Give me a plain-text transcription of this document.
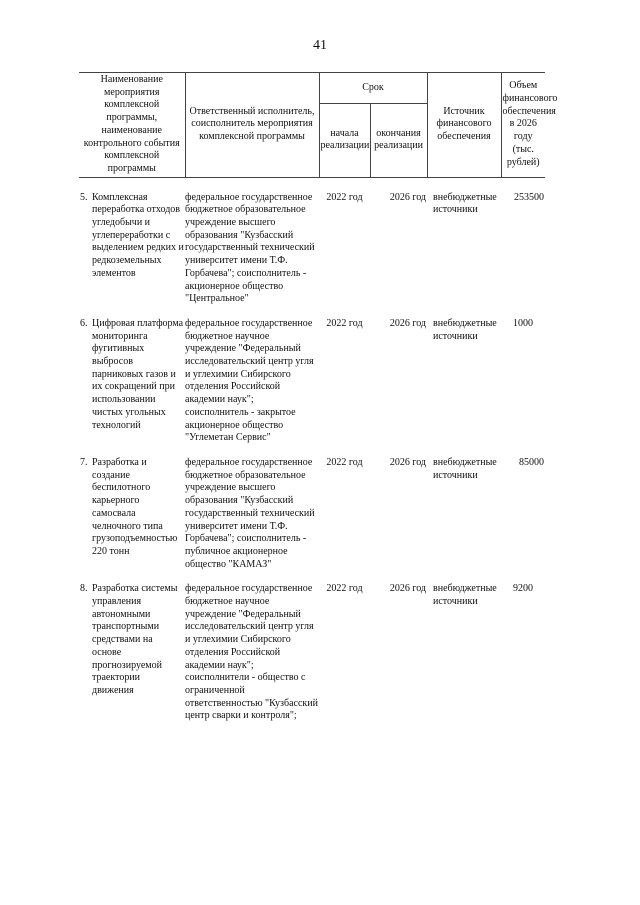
41
Наименование мероприятия комплексной программы, наименование контрольного события комплексной программы	Ответственный исполнитель, соисполнитель мероприятия комплексной программы	Срок		Источник финансового обеспечения	Объем финансового обеспечения в 2026 году (тыс. рублей)
		начала реализации	окончания реализации		

5. Комплексная переработка отходов угледобычи и углепереработки с выделением редких и редкоземельных элементов	федеральное государственное бюджетное образовательное учреждение высшего образования "Кузбасский государственный технический университет имени Т.Ф. Горбачева"; соисполнитель - акционерное общество "Центральное"	2022 год	2026 год	внебюджетные источники	253500

6. Цифровая платформа мониторинга фугитивных выбросов парниковых газов и их сокращений при использовании чистых угольных технологий	федеральное государственное бюджетное научное учреждение "Федеральный исследовательский центр угля и углехимии Сибирского отделения Российской академии наук"; соисполнитель - закрытое акционерное общество "Углеметан Сервис"	2022 год	2026 год	внебюджетные источники	1000

7. Разработка и создание беспилотного карьерного самосвала челночного типа грузоподъемностью 220 тонн	федеральное государственное бюджетное образовательное учреждение высшего образования "Кузбасский государственный технический университет имени Т.Ф. Горбачева"; соисполнитель - публичное акционерное общество "КАМАЗ"	2022 год	2026 год	внебюджетные источники	85000

8. Разработка системы управления автономными транспортными средствами на основе прогнозируемой траектории движения	федеральное государственное бюджетное научное учреждение "Федеральный исследовательский центр угля и углехимии Сибирского отделения Российской академии наук"; соисполнители - общество с ограниченной ответственностью "Кузбасский центр сварки и контроля";	2022 год	2026 год	внебюджетные источники	9200
